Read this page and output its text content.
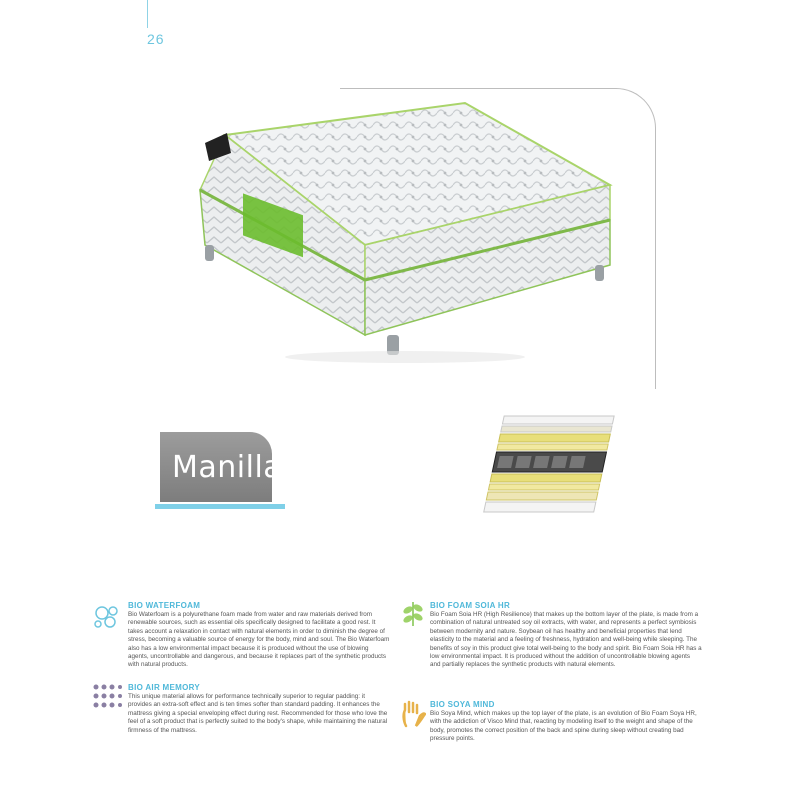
26
Manilla

BIO WATERFOAM

Bio Waterfoam is a polyurethane foam made from water and raw materials derived from renewable sources, such as essential oils specifically designed to facilitate a good rest. It takes account a relaxation in contact with natural elements in order to diminish the degree of stress, becoming a valuable source of energy for the body, mind and soul. The Bio Waterfoam also has a low environmental impact because it is produced without the use of blowing agents, uncontrollable and dangerous, and because it replaces part of the synthetic products with natural products.

BIO AIR MEMORY

This unique material allows for performance technically superior to regular padding: it provides an extra-soft effect and is ten times softer than standard padding. It enhances the mattress giving a special enveloping effect during rest. Recommended for those who love the feel of a soft product that is perfectly suited to the body's shape, while maintaining the natural firmness of the mattress.

BIO FOAM SOIA HR

Bio Foam Soia HR (High Resilience) that makes up the bottom layer of the plate, is made from a combination of natural untreated soy oil extracts, with water, and represents a perfect symbiosis between modernity and nature. Soybean oil has healthy and beneficial properties that lend elasticity to the material and a feeling of freshness, hydration and well-being while sleeping. The benefits of soy in this product give total well-being to the body and spirit. Bio Foam Soia HR has a low environmental impact. It is produced without the addition of uncontrollable blowing agents and partially replaces the synthetic products with natural elements.

BIO SOYA MIND

Bio Soya Mind, which makes up the top layer of the plate, is an evolution of Bio Foam Soya HR, with the addiction of Visco Mind that, reacting by modeling itself to the weight and shape of the body, promotes the correct position of the back and spine during sleep without creating bad pressure points.
